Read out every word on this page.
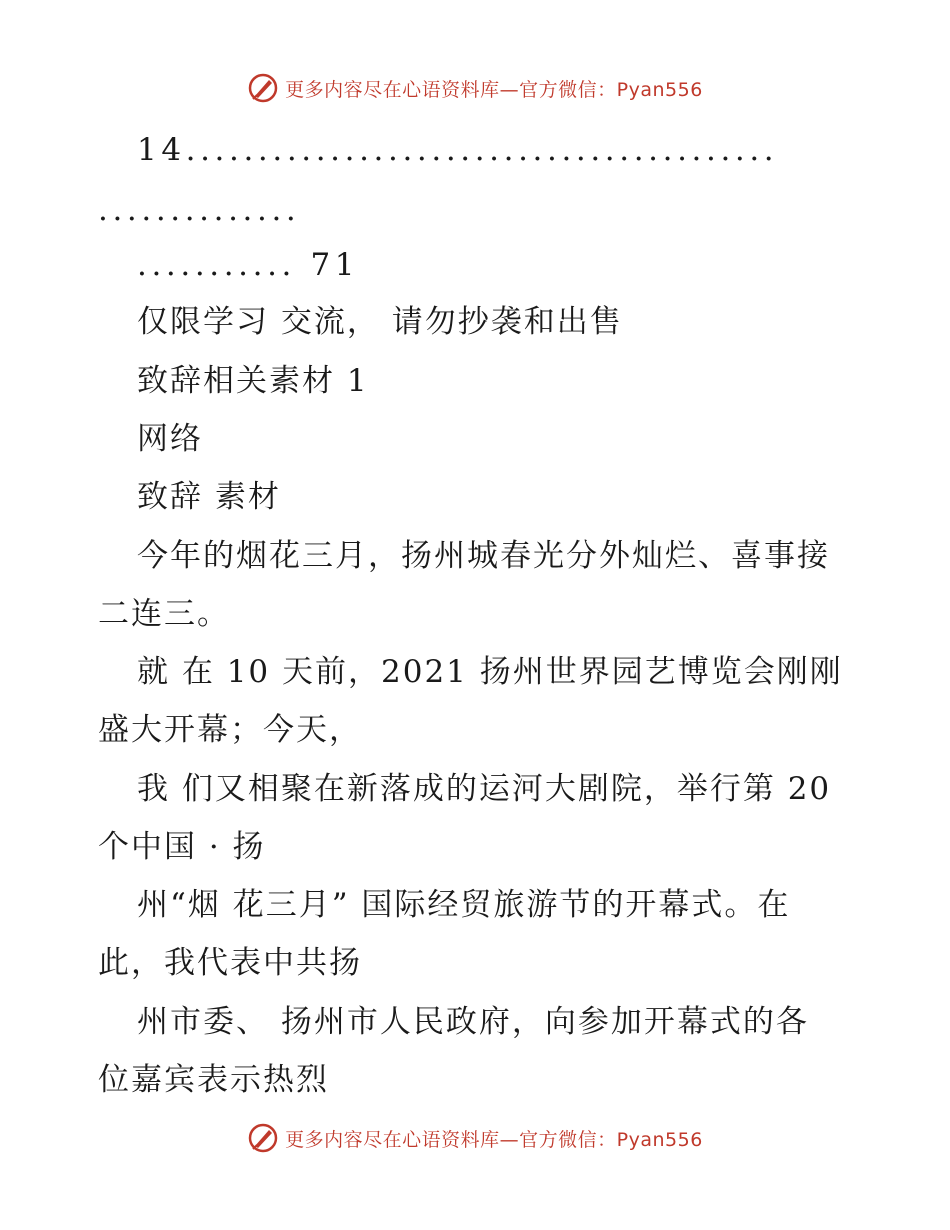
更多内容尽在心语资料库—官方微信：Pyan556
14.........................................
..............
........... 71
仅限学习 交流， 请勿抄袭和出售
致辞相关素材 1
网络
致辞 素材
今年的烟花三月，扬州城春光分外灿烂、喜事接
二连三。
就 在 10 天前，2021 扬州世界园艺博览会刚刚
盛大开幕；今天，
我 们又相聚在新落成的运河大剧院，举行第 20
个中国 · 扬
州“烟 花三月” 国际经贸旅游节的开幕式。在
此，我代表中共扬
州市委、 扬州市人民政府，向参加开幕式的各
位嘉宾表示热烈
更多内容尽在心语资料库—官方微信：Pyan556
